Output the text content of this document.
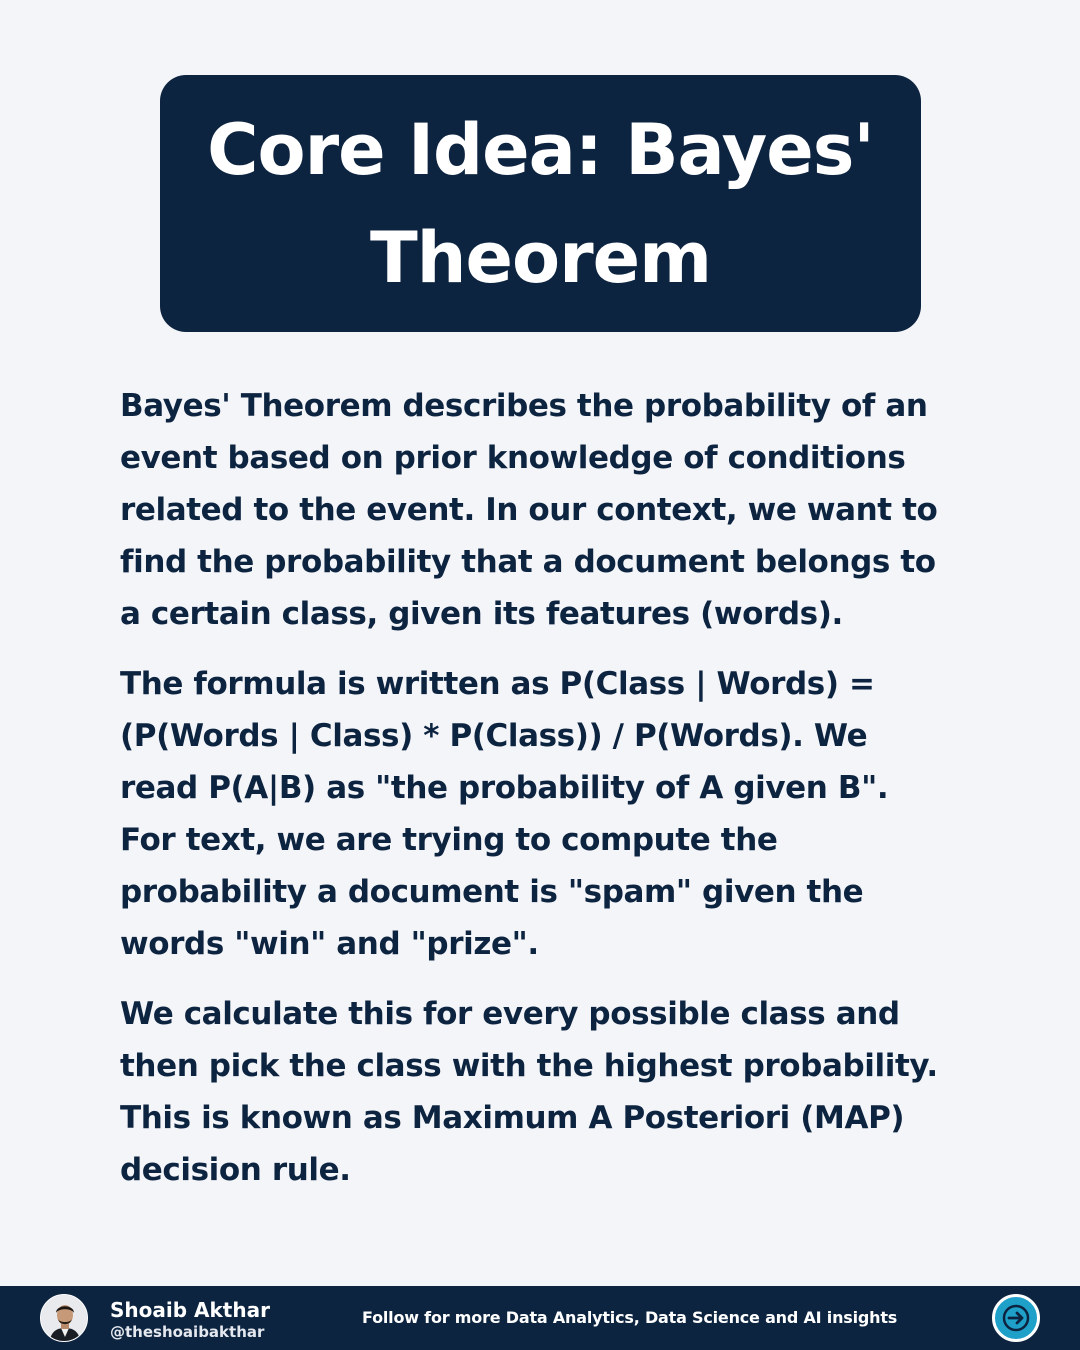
Core Idea: Bayes'
Theorem

Bayes' Theorem describes the probability of an event based on prior knowledge of conditions related to the event. In our context, we want to find the probability that a document belongs to a certain class, given its features (words).

The formula is written as P(Class | Words) = (P(Words | Class) * P(Class)) / P(Words). We read P(A|B) as "the probability of A given B". For text, we are trying to compute the probability a document is "spam" given the words "win" and "prize".

We calculate this for every possible class and then pick the class with the highest probability. This is known as Maximum A Posteriori (MAP) decision rule.

Shoaib Akthar
@theshoaibakthar
Follow for more Data Analytics, Data Science and AI insights
